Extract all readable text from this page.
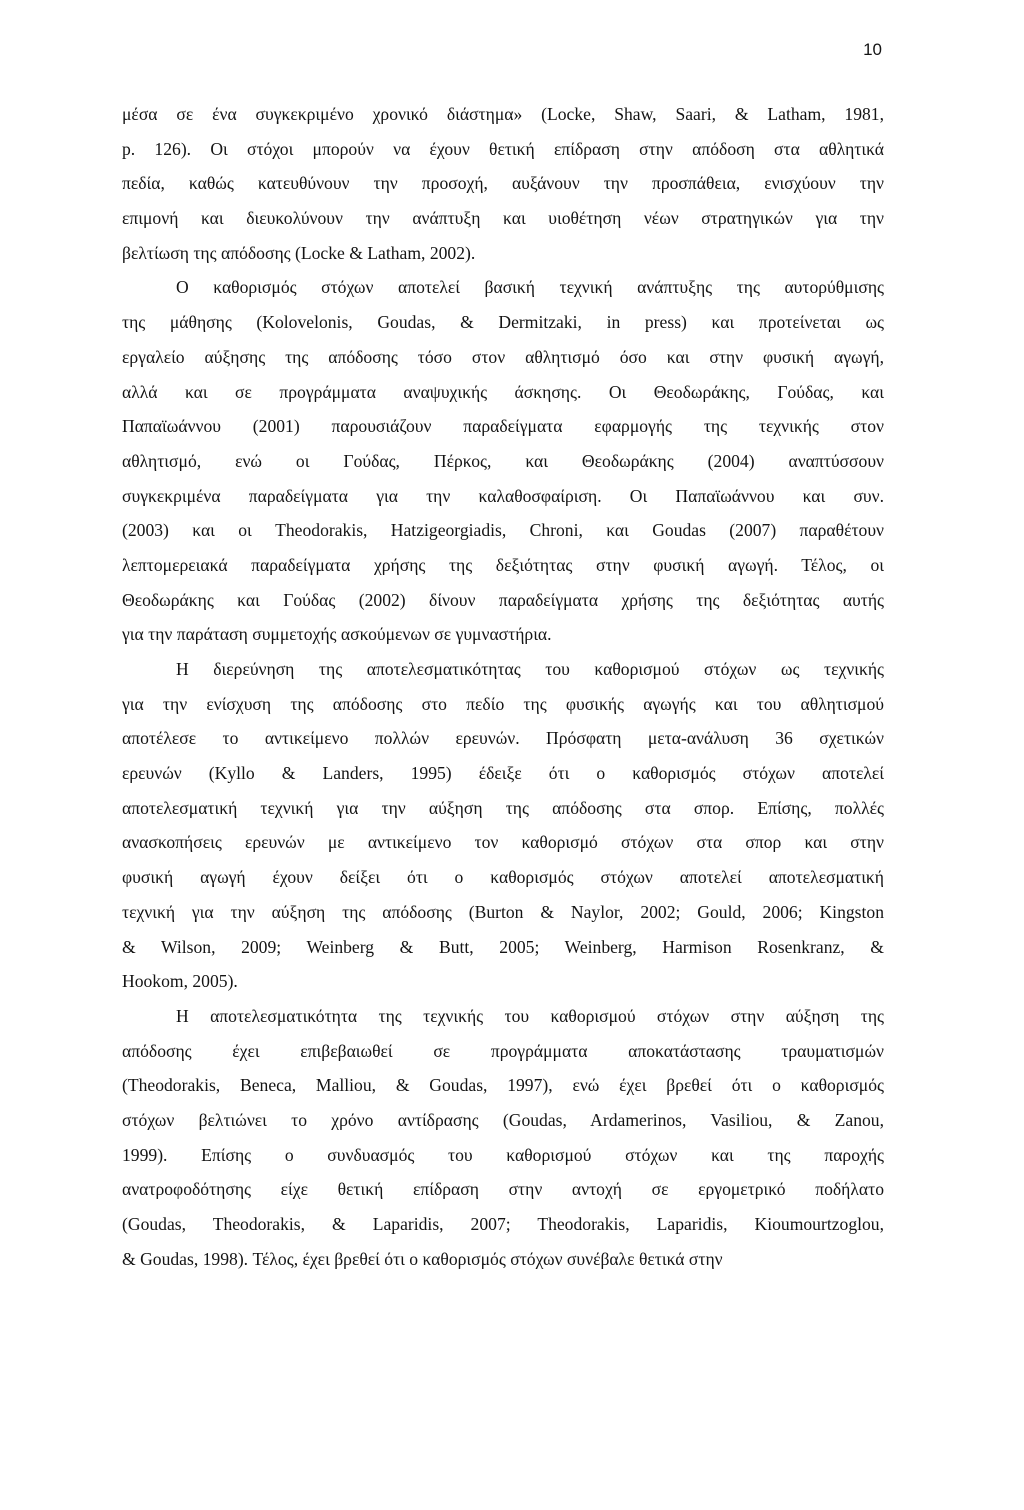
10
μέσα σε ένα συγκεκριμένο χρονικό διάστημα» (Locke, Shaw, Saari, & Latham, 1981,
p. 126). Οι στόχοι μπορούν να έχουν θετική επίδραση στην απόδοση στα αθλητικά
πεδία, καθώς κατευθύνουν την προσοχή, αυξάνουν την προσπάθεια, ενισχύουν την
επιμονή και διευκολύνουν την ανάπτυξη και υιοθέτηση νέων στρατηγικών για την
βελτίωση της απόδοσης (Locke & Latham, 2002).
Ο καθορισμός στόχων αποτελεί βασική τεχνική ανάπτυξης της αυτορύθμισης
της μάθησης (Kolovelonis, Goudas, & Dermitzaki, in press) και προτείνεται ως
εργαλείο αύξησης της απόδοσης τόσο στον αθλητισμό όσο και στην φυσική αγωγή,
αλλά και σε προγράμματα αναψυχικής άσκησης. Οι Θεοδωράκης, Γούδας, και
Παπαϊωάννου (2001) παρουσιάζουν παραδείγματα εφαρμογής της τεχνικής στον
αθλητισμό, ενώ οι Γούδας, Πέρκος, και Θεοδωράκης (2004) αναπτύσσουν
συγκεκριμένα παραδείγματα για την καλαθοσφαίριση. Οι Παπαϊωάννου και συν.
(2003) και οι Theodorakis, Hatzigeorgiadis, Chroni, και Goudas (2007) παραθέτουν
λεπτομερειακά παραδείγματα χρήσης της δεξιότητας στην φυσική αγωγή. Τέλος, οι
Θεοδωράκης και Γούδας (2002) δίνουν παραδείγματα χρήσης της δεξιότητας αυτής
για την παράταση συμμετοχής ασκούμενων σε γυμναστήρια.
Η διερεύνηση της αποτελεσματικότητας του καθορισμού στόχων ως τεχνικής
για την ενίσχυση της απόδοσης στο πεδίο της φυσικής αγωγής και του αθλητισμού
αποτέλεσε το αντικείμενο πολλών ερευνών. Πρόσφατη μετα-ανάλυση 36 σχετικών
ερευνών (Kyllo & Landers, 1995) έδειξε ότι ο καθορισμός στόχων αποτελεί
αποτελεσματική τεχνική για την αύξηση της απόδοσης στα σπορ. Επίσης, πολλές
ανασκοπήσεις ερευνών με αντικείμενο τον καθορισμό στόχων στα σπορ και στην
φυσική αγωγή έχουν δείξει ότι ο καθορισμός στόχων αποτελεί αποτελεσματική
τεχνική για την αύξηση της απόδοσης (Burton & Naylor, 2002; Gould, 2006; Kingston
& Wilson, 2009; Weinberg & Butt, 2005; Weinberg, Harmison Rosenkranz, &
Hookom, 2005).
Η αποτελεσματικότητα της τεχνικής του καθορισμού στόχων στην αύξηση της
απόδοσης έχει επιβεβαιωθεί σε προγράμματα αποκατάστασης τραυματισμών
(Theodorakis, Beneca, Malliou, & Goudas, 1997), ενώ έχει βρεθεί ότι ο καθορισμός
στόχων βελτιώνει το χρόνο αντίδρασης (Goudas, Ardamerinos, Vasiliou, & Zanou,
1999). Επίσης ο συνδυασμός του καθορισμού στόχων και της παροχής
ανατροφοδότησης είχε θετική επίδραση στην αντοχή σε εργομετρικό ποδήλατο
(Goudas, Theodorakis, & Laparidis, 2007; Theodorakis, Laparidis, Kioumourtzoglou,
& Goudas, 1998). Τέλος, έχει βρεθεί ότι ο καθορισμός στόχων συνέβαλε θετικά στην
